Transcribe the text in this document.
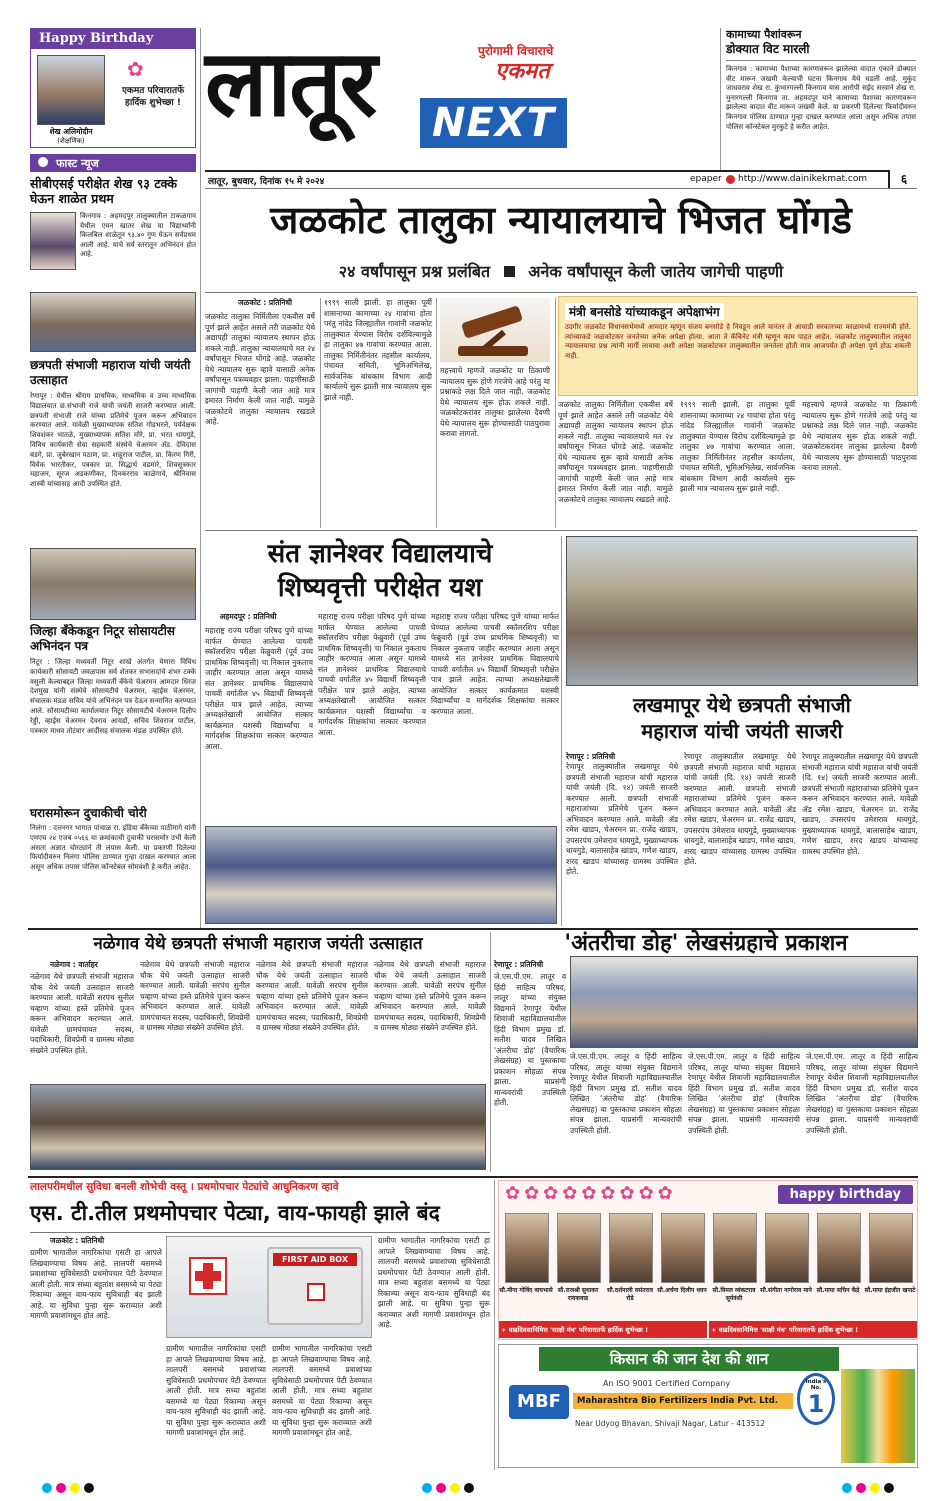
Happy Birthday
✿
एकमत परिवारातर्फे हार्दिक शुभेच्छा !
शेख अलिमोदीन
(शैक्षणिक)
फास्ट न्यूज
सीबीएसई परीक्षेत शेख ९३ टक्के घेऊन शाळेत प्रथम
किनगाव : अहमदपूर तालुक्यातील टाकळगाव येथील एमन खातर शेख या विद्यार्थ्यांनी किलबिल शाळेतून ९३.४० गुण घेऊन सर्वप्रथम आली आहे. याचे सर्व स्तरातून अभिनंदन होत आहे.
छत्रपती संभाजी महाराज यांची जयंती उत्साहात
रेणापूर : येथील श्रीराम प्राथमिक, माध्यमिक व उच्च माध्यमिक विद्यालयात छ.संभाजी राजे यांची जयंती साजरी करण्यात आली. छत्रपती संभाजी राजे यांच्या प्रतिमेचे पूजन करून अभिवादन करण्यात आले. यावेळी मुख्याध्यापक सतिश गोडभरले, पर्यवेक्षक शिवशंकर भातळे, मुख्याध्यापक सतिश मोरे, प्रा. भरत धायगुडे, विविध कार्यकारी सेवा सहकारी संस्थेचे चेअरमन ॲड. देविदास बडगे, प्रा. जुबेरखान पठाण, प्रा. शाहूराज पाटील, प्रा. किरण गिरी, विवेक भारतीकर, पत्रकार प्रा. सिद्धार्थ वडमारे, शिवसूत्रकार महाजन, सूरज अडकणीकर, दिनकरराव काळेगावे, श्रीनिवास शास्त्री यांच्यासह आदी उपस्थित होते.
जिल्हा बँकेकडून निटूर सोसायटीस अभिनंदन पत्र
निटूर : जिल्हा मध्यवर्ती निटूर शाखे अंतर्गत येणारा विविध कार्यकारी सोसायटी जवळपास सर्व शेतकर सभासदांचे शंभर टक्के वसुली केल्याबद्दल जिल्हा मध्यवर्ती बँकेचे चेअरमन आमदार धिरज देशमुख यांनी संस्थेचे सोसायटीचे चेअरमन, व्हाईस चेअरमन, संचालक मंडळ सचिव यांचे अभिनंदन पत्र देऊन सन्मानित करण्यात आले. सोसायटीच्या कार्यालयात निटूर सोसायटीचे चेअरमन दिलीप रेड्डी, व्हाईस चेअरमन देवराव आयडॉ, सचिव शिवराज पाटील, पत्रकार माधव तोटंवार आदींसह संचालक मंडळ उपस्थित होते.
घरासमोरून दुचाकीची चोरी
निलंगा : दत्तनगर भागात पांचाळ रा. इंडिया बँकेच्या पाठीमागे यांनी एमएच २४ एजब ०५६६ या क्रमांकाची दुचाकी घरासमोर उभी केली असता अज्ञात चोरट्याने ती लंपास केली. या प्रकरणी दिलेल्या फिर्यादीवरुन निलंगा पोलिस ठाण्यात गुन्हा दाखल करण्यात आला असून अधिक तपास पोलिस कॉन्स्टेबल सोमवंशी हे करीत आहेत.
लातूर	पुरोगामी विचाराचे
एकमत
NEXT
कामाच्या पैशांवरून
डोक्यात विट मारली
किनगाव : कामाच्या पैशाच्या कारणावरून झालेल्या वादात एकाने डोक्यात वीट मारून जखमी केल्याची घटना किनगाव येथे घडली आहे. मुकुंद जाधवराव शेख रा. कुंभारगल्ली किनगाव यास आरोपी सईद सरवाने शेख रा. मुनारगल्ली किनगाव ता. अहमदपूर याने कामाच्या पैशाच्या कारणावरून झालेल्या वादात वीट मारून जखमी केले. या प्रकरणी दिलेल्या फिर्यादीवरुन किनगाव पोलिस ठाण्यात गुन्हा दाखल करण्यात आला असून अधिक तपास पोलिस कॉन्स्टेबल मुरकुटे हे करीत आहेत.
लातूर, बुधवार, दिनांक १५ मे २०२४	epaper http://www.dainikekmat.com	६
जळकोट तालुका न्यायालयाचे भिजत घोंगडे
२४ वर्षांपासून प्रश्न प्रलंबित अनेक वर्षांपासून केली जातेय जागेची पाहणी
जळकोट : प्रतिनिधी
जळकोट तालुका निर्मितीला एकवीस वर्षे पूर्ण झाले आहेत असले तरी जळकोट येथे अद्यापही तालुका न्यायालय स्थापन होऊ शकले नाही. तालुका न्यायालयाचे मत २४ वर्षांपासून भिजत घोंगडे आहे. जळकोट येथे न्यायालय सुरू व्हावे यासाठी अनेक वर्षांपासून पत्रव्यवहार झाला. पाहणीसाठी जागांची पाहणी केली जात आहे मात्र इमारत निर्माण केली जात नाही. यामुळे जळकोटचे तालुका न्यायालय रखडले आहे.
१९९९ साली झाली. हा तालुका पूर्वी शासनाच्या कामाच्या २४ गावांचा होता परंतु नांदेड जिल्ह्यातील गावांनी जळकोट तालुक्यात येण्यास विरोध दर्शविल्यामुळे हा तालुका ४७ गावांचा करण्यात आला. तालुका निर्मितीनंतर तहसील कार्यालय, पंचायत समिती, भूमिअभिलेख, सार्वजनिक बांधकाम विभाग आदी कार्यालये सुरू झाली मात्र न्यायालय सुरू झाले नाही.
महत्त्वाचे म्हणजे जळकोट या ठिकाणी न्यायालय सुरू होणे गरजेचे आहे परंतु या प्रश्नाकडे लक्ष दिले जात नाही. जळकोट येथे न्यायालय सुरू होऊ शकले नाही. जळकोटकरांवर तालुका झालेल्या दैवणी येथे न्यायालय सुरू होण्यासाठी पाठपुरावा करावा लागतो.
मंत्री बनसोडे यांच्याकडून अपेक्षाभंग
उदगीर जळकोट विधानसभेमध्ये आमदार म्हणून संजय बनसोडे हे निवडून आले यानंतर ते आघाडी सरकारच्या काळामध्ये राज्यमंत्री होते. त्यांच्याकडे जळकोटकर जनतेच्या अनेक अपेक्षा होत्या. आता ते कॅबिनेट मंत्री म्हणून काम पाहत आहेत. जळकोट तालुक्यातील तालुका न्यायालयाचा प्रश्न त्यांनी मार्गी लावावा अशी अपेक्षा जळकोटकर तालुक्यातील जनतेला होती मात्र आजपर्यंत ही अपेक्षा पूर्ण होऊ शकली नाही.
जळकोट तालुका निर्मितीला एकवीस वर्षे पूर्ण झाले आहेत असले तरी जळकोट येथे अद्यापही तालुका न्यायालय स्थापन होऊ शकले नाही. तालुका न्यायालयाचे मत २४ वर्षांपासून भिजत घोंगडे आहे. जळकोट येथे न्यायालय सुरू व्हावे यासाठी अनेक वर्षांपासून पत्रव्यवहार झाला. पाहणीसाठी जागांची पाहणी केली जात आहे मात्र इमारत निर्माण केली जात नाही. यामुळे जळकोटचे तालुका न्यायालय रखडले आहे.
१९९९ साली झाली. हा तालुका पूर्वी शासनाच्या कामाच्या २४ गावांचा होता परंतु नांदेड जिल्ह्यातील गावांनी जळकोट तालुक्यात येण्यास विरोध दर्शविल्यामुळे हा तालुका ४७ गावांचा करण्यात आला. तालुका निर्मितीनंतर तहसील कार्यालय, पंचायत समिती, भूमिअभिलेख, सार्वजनिक बांधकाम विभाग आदी कार्यालये सुरू झाली मात्र न्यायालय सुरू झाले नाही.
महत्त्वाचे म्हणजे जळकोट या ठिकाणी न्यायालय सुरू होणे गरजेचे आहे परंतु या प्रश्नाकडे लक्ष दिले जात नाही. जळकोट येथे न्यायालय सुरू होऊ शकले नाही. जळकोटकरांवर तालुका झालेल्या दैवणी येथे न्यायालय सुरू होण्यासाठी पाठपुरावा करावा लागतो.
संत ज्ञानेश्वर विद्यालयाचे
शिष्यवृत्ती परीक्षेत यश
अहमदपूर : प्रतिनिधी
महाराष्ट्र राज्य परीक्षा परिषद पुणे यांच्या मार्फत घेण्यात आलेल्या पाचवी स्कॉलरशिप परीक्षा फेब्रुवारी (पूर्व उच्च प्राथमिक शिष्यवृत्ती) चा निकाल नुकताच जाहीर करण्यात आला असून यामध्ये संत ज्ञानेश्वर प्राथमिक विद्यालयाचे पाचवी वर्गातील ४५ विद्यार्थी शिष्यवृत्ती परीक्षेत पात्र झाले आहेत. त्याच्या अध्यक्षतेखाली आयोजित सत्कार कार्यक्रमात यशस्वी विद्यार्थ्यांचा व मार्गदर्शक शिक्षकांचा सत्कार करण्यात आला.
महाराष्ट्र राज्य परीक्षा परिषद पुणे यांच्या मार्फत घेण्यात आलेल्या पाचवी स्कॉलरशिप परीक्षा फेब्रुवारी (पूर्व उच्च प्राथमिक शिष्यवृत्ती) चा निकाल नुकताच जाहीर करण्यात आला असून यामध्ये संत ज्ञानेश्वर प्राथमिक विद्यालयाचे पाचवी वर्गातील ४५ विद्यार्थी शिष्यवृत्ती परीक्षेत पात्र झाले आहेत. त्याच्या अध्यक्षतेखाली आयोजित सत्कार कार्यक्रमात यशस्वी विद्यार्थ्यांचा व मार्गदर्शक शिक्षकांचा सत्कार करण्यात आला.
महाराष्ट्र राज्य परीक्षा परिषद पुणे यांच्या मार्फत घेण्यात आलेल्या पाचवी स्कॉलरशिप परीक्षा फेब्रुवारी (पूर्व उच्च प्राथमिक शिष्यवृत्ती) चा निकाल नुकताच जाहीर करण्यात आला असून यामध्ये संत ज्ञानेश्वर प्राथमिक विद्यालयाचे पाचवी वर्गातील ४५ विद्यार्थी शिष्यवृत्ती परीक्षेत पात्र झाले आहेत. त्याच्या अध्यक्षतेखाली आयोजित सत्कार कार्यक्रमात यशस्वी विद्यार्थ्यांचा व मार्गदर्शक शिक्षकांचा सत्कार करण्यात आला.	लखमापूर येथे छत्रपती संभाजी
महाराज यांची जयंती साजरी
रेणापूर : प्रतिनिधी
रेणापूर तालुक्यातील लखमापूर येथे छत्रपती संभाजी महाराज यांची महाराज यांची जयंती (दि. १४) जयंती साजरी करण्यात आली. छत्रपती संभाजी महाराजांच्या प्रतिमेचे पूजन करून अभिवादन करण्यात आले. यावेळी ॲड रमेश खाडप, चेअरमन प्रा. राजेंद्र खाडप, उपसरपंच उमेशराव धायगुडे, मुख्याध्यापक धायगुडे, बालासाहेब खाडप, गणेश खाडप, शरद खाडप यांच्यासह ग्रामस्थ उपस्थित होते.
रेणापूर तालुक्यातील लखमापूर येथे छत्रपती संभाजी महाराज यांची महाराज यांची जयंती (दि. १४) जयंती साजरी करण्यात आली. छत्रपती संभाजी महाराजांच्या प्रतिमेचे पूजन करून अभिवादन करण्यात आले. यावेळी ॲड रमेश खाडप, चेअरमन प्रा. राजेंद्र खाडप, उपसरपंच उमेशराव धायगुडे, मुख्याध्यापक धायगुडे, बालासाहेब खाडप, गणेश खाडप, शरद खाडप यांच्यासह ग्रामस्थ उपस्थित होते.
रेणापूर तालुक्यातील लखमापूर येथे छत्रपती संभाजी महाराज यांची महाराज यांची जयंती (दि. १४) जयंती साजरी करण्यात आली. छत्रपती संभाजी महाराजांच्या प्रतिमेचे पूजन करून अभिवादन करण्यात आले. यावेळी ॲड रमेश खाडप, चेअरमन प्रा. राजेंद्र खाडप, उपसरपंच उमेशराव धायगुडे, मुख्याध्यापक धायगुडे, बालासाहेब खाडप, गणेश खाडप, शरद खाडप यांच्यासह ग्रामस्थ उपस्थित होते.
नळेगाव येथे छत्रपती संभाजी महाराज जयंती उत्साहात
नळेगाव : वार्ताहर
नळेगाव येथे छत्रपती संभाजी महाराज चौक येथे जयंती उत्साहात साजरी करण्यात आली. यावेळी सरपंच सुनील चव्हाण यांच्या हस्ते प्रतिमेचे पूजन करून अभिवादन करण्यात आले. यावेळी ग्रामपंचायत सदस्य, पदाधिकारी, शिवप्रेमी व ग्रामस्थ मोठ्या संख्येने उपस्थित होते.
नळेगाव येथे छत्रपती संभाजी महाराज चौक येथे जयंती उत्साहात साजरी करण्यात आली. यावेळी सरपंच सुनील चव्हाण यांच्या हस्ते प्रतिमेचे पूजन करून अभिवादन करण्यात आले. यावेळी ग्रामपंचायत सदस्य, पदाधिकारी, शिवप्रेमी व ग्रामस्थ मोठ्या संख्येने उपस्थित होते.
नळेगाव येथे छत्रपती संभाजी महाराज चौक येथे जयंती उत्साहात साजरी करण्यात आली. यावेळी सरपंच सुनील चव्हाण यांच्या हस्ते प्रतिमेचे पूजन करून अभिवादन करण्यात आले. यावेळी ग्रामपंचायत सदस्य, पदाधिकारी, शिवप्रेमी व ग्रामस्थ मोठ्या संख्येने उपस्थित होते.
नळेगाव येथे छत्रपती संभाजी महाराज चौक येथे जयंती उत्साहात साजरी करण्यात आली. यावेळी सरपंच सुनील चव्हाण यांच्या हस्ते प्रतिमेचे पूजन करून अभिवादन करण्यात आले. यावेळी ग्रामपंचायत सदस्य, पदाधिकारी, शिवप्रेमी व ग्रामस्थ मोठ्या संख्येने उपस्थित होते.
'अंतरीचा डोह' लेखसंग्रहाचे प्रकाशन
रेणापूर : प्रतिनिधी
जे.एस.पी.एम. लातूर व हिंदी साहित्य परिषद, लातूर यांच्या संयुक्त विद्यमाने रेणापूर येथील शिवाजी महाविद्यालयातील हिंदी विभाग प्रमुख डॉ. सतीश यादव लिखित 'अंतरीचा डोह' (वैचारिक लेखसंग्रह) या पुस्तकाचा प्रकाशन सोहळा संपन्न झाला. याप्रसंगी मान्यवरांची उपस्थिती होती.
जे.एस.पी.एम. लातूर व हिंदी साहित्य परिषद, लातूर यांच्या संयुक्त विद्यमाने रेणापूर येथील शिवाजी महाविद्यालयातील हिंदी विभाग प्रमुख डॉ. सतीश यादव लिखित 'अंतरीचा डोह' (वैचारिक लेखसंग्रह) या पुस्तकाचा प्रकाशन सोहळा संपन्न झाला. याप्रसंगी मान्यवरांची उपस्थिती होती.
जे.एस.पी.एम. लातूर व हिंदी साहित्य परिषद, लातूर यांच्या संयुक्त विद्यमाने रेणापूर येथील शिवाजी महाविद्यालयातील हिंदी विभाग प्रमुख डॉ. सतीश यादव लिखित 'अंतरीचा डोह' (वैचारिक लेखसंग्रह) या पुस्तकाचा प्रकाशन सोहळा संपन्न झाला. याप्रसंगी मान्यवरांची उपस्थिती होती.
जे.एस.पी.एम. लातूर व हिंदी साहित्य परिषद, लातूर यांच्या संयुक्त विद्यमाने रेणापूर येथील शिवाजी महाविद्यालयातील हिंदी विभाग प्रमुख डॉ. सतीश यादव लिखित 'अंतरीचा डोह' (वैचारिक लेखसंग्रह) या पुस्तकाचा प्रकाशन सोहळा संपन्न झाला. याप्रसंगी मान्यवरांची उपस्थिती होती.
लालपरीमधील सुविधा बनली शोभेची वस्तू । प्रथमोपचार पेट्यांचे आधुनिकरण व्हावे
एस. टी.तील प्रथमोपचार पेट्या, वाय-फायही झाले बंद
जळकोट : प्रतिनिधी
ग्रामीण भागातील नागरिकांचा एसटी हा आपले लिखवाण्याचा विषय आहे. लालपरी बसमध्ये प्रवाशांच्या सुविधेसाठी प्रथमोपचार पेटी ठेवण्यात आली होती. मात्र सध्या बहुतांश बसमध्ये या पेट्या रिकाम्या असून वाय-फाय सुविधाही बंद झाली आहे. या सुविधा पुन्हा सुरू कराव्यात अशी मागणी प्रवाशांमधून होत आहे.
FIRST AID BOX
ग्रामीण भागातील नागरिकांचा एसटी हा आपले लिखवाण्याचा विषय आहे. लालपरी बसमध्ये प्रवाशांच्या सुविधेसाठी प्रथमोपचार पेटी ठेवण्यात आली होती. मात्र सध्या बहुतांश बसमध्ये या पेट्या रिकाम्या असून वाय-फाय सुविधाही बंद झाली आहे. या सुविधा पुन्हा सुरू कराव्यात अशी मागणी प्रवाशांमधून होत आहे.
ग्रामीण भागातील नागरिकांचा एसटी हा आपले लिखवाण्याचा विषय आहे. लालपरी बसमध्ये प्रवाशांच्या सुविधेसाठी प्रथमोपचार पेटी ठेवण्यात आली होती. मात्र सध्या बहुतांश बसमध्ये या पेट्या रिकाम्या असून वाय-फाय सुविधाही बंद झाली आहे. या सुविधा पुन्हा सुरू कराव्यात अशी मागणी प्रवाशांमधून होत आहे.
ग्रामीण भागातील नागरिकांचा एसटी हा आपले लिखवाण्याचा विषय आहे. लालपरी बसमध्ये प्रवाशांच्या सुविधेसाठी प्रथमोपचार पेटी ठेवण्यात आली होती. मात्र सध्या बहुतांश बसमध्ये या पेट्या रिकाम्या असून वाय-फाय सुविधाही बंद झाली आहे. या सुविधा पुन्हा सुरू कराव्यात अशी मागणी प्रवाशांमधून होत आहे.
✿✿✿✿✿✿✿✿✿	happy birthday
सौ.मीना गोविंद वायभासे सौ.राजश्री सुधाकर रायकवाड
सौ.दर्शनाली वसंतराव रोडे
सौ.अर्चना दिलीप धवन सौ.विमल व्यंकटराव सूर्यवंशी
सौ.संगीता नागोराव माने सौ.माया सचिन केंद्रे सौ.माया इंद्रजीत खपाटे
+ वाढदिवसानिमित्त 'साक्षी मंच' परिवारातर्फे हार्दिक शुभेच्छा !	+ वाढदिवसानिमित्त 'साक्षी मंच' परिवारातर्फे हार्दिक शुभेच्छा !
किसान की जान देश की शान
MBF
An ISO 9001 Certified Company
Maharashtra Bio Fertilizers India Pvt. Ltd.
Near Udyog Bhavan, Shivaji Nagar, Latur - 413512
India's No.
1
